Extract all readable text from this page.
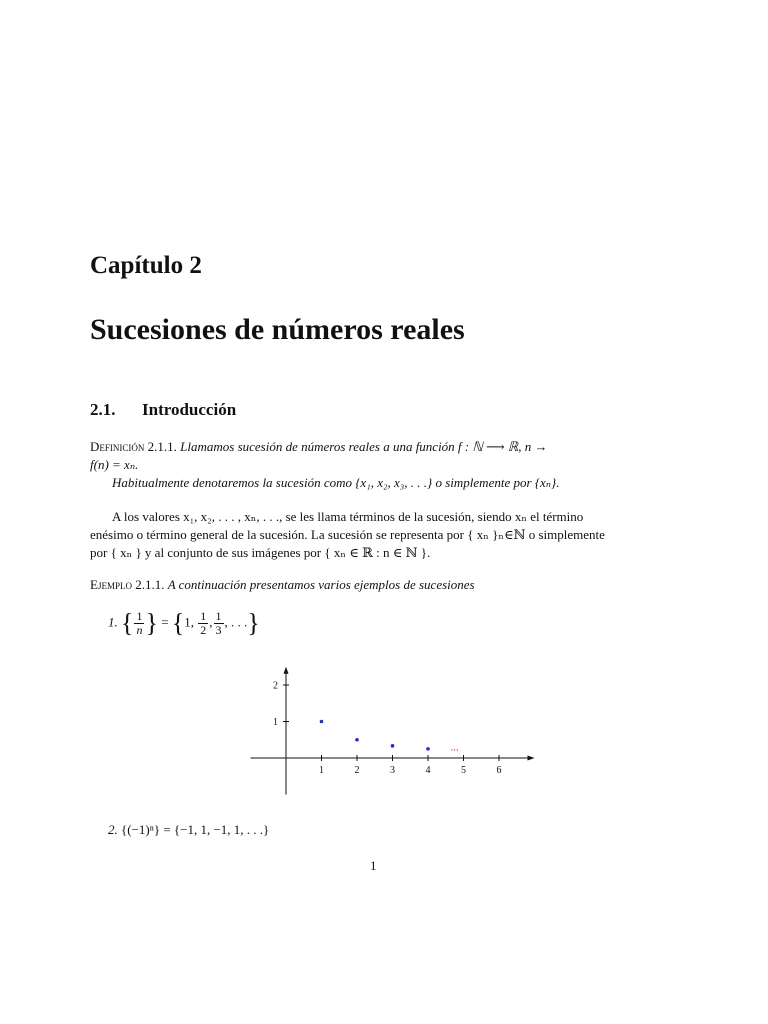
Capítulo 2
Sucesiones de números reales
2.1. Introducción
Definición 2.1.1. Llamamos sucesión de números reales a una función f : ℕ ⟶ ℝ, n →
f(n) = xₙ.

Habitualmente denotaremos la sucesión como {x₁, x₂, x₃, . . .} o simplemente por {xₙ}.
A los valores x₁, x₂, . . . , xₙ, . . ., se les llama términos de la sucesión, siendo xₙ el término
enésimo o término general de la sucesión. La sucesión se representa por { xₙ }ₙ∈ℕ o simplemente
por { xₙ } y al conjunto de sus imágenes por { xₙ ∈ ℝ : n ∈ ℕ }.
Ejemplo 2.1.1. A continuación presentamos varios ejemplos de sucesiones
1. { $\frac{1}{n}$ } = {1, $\frac{1}{2}$ , $\frac{1}{3}$ , . . .}
1	2	3	4	5	6
1
2
...
2. {(−1)ⁿ} = {−1, 1, −1, 1, . . .}
1
